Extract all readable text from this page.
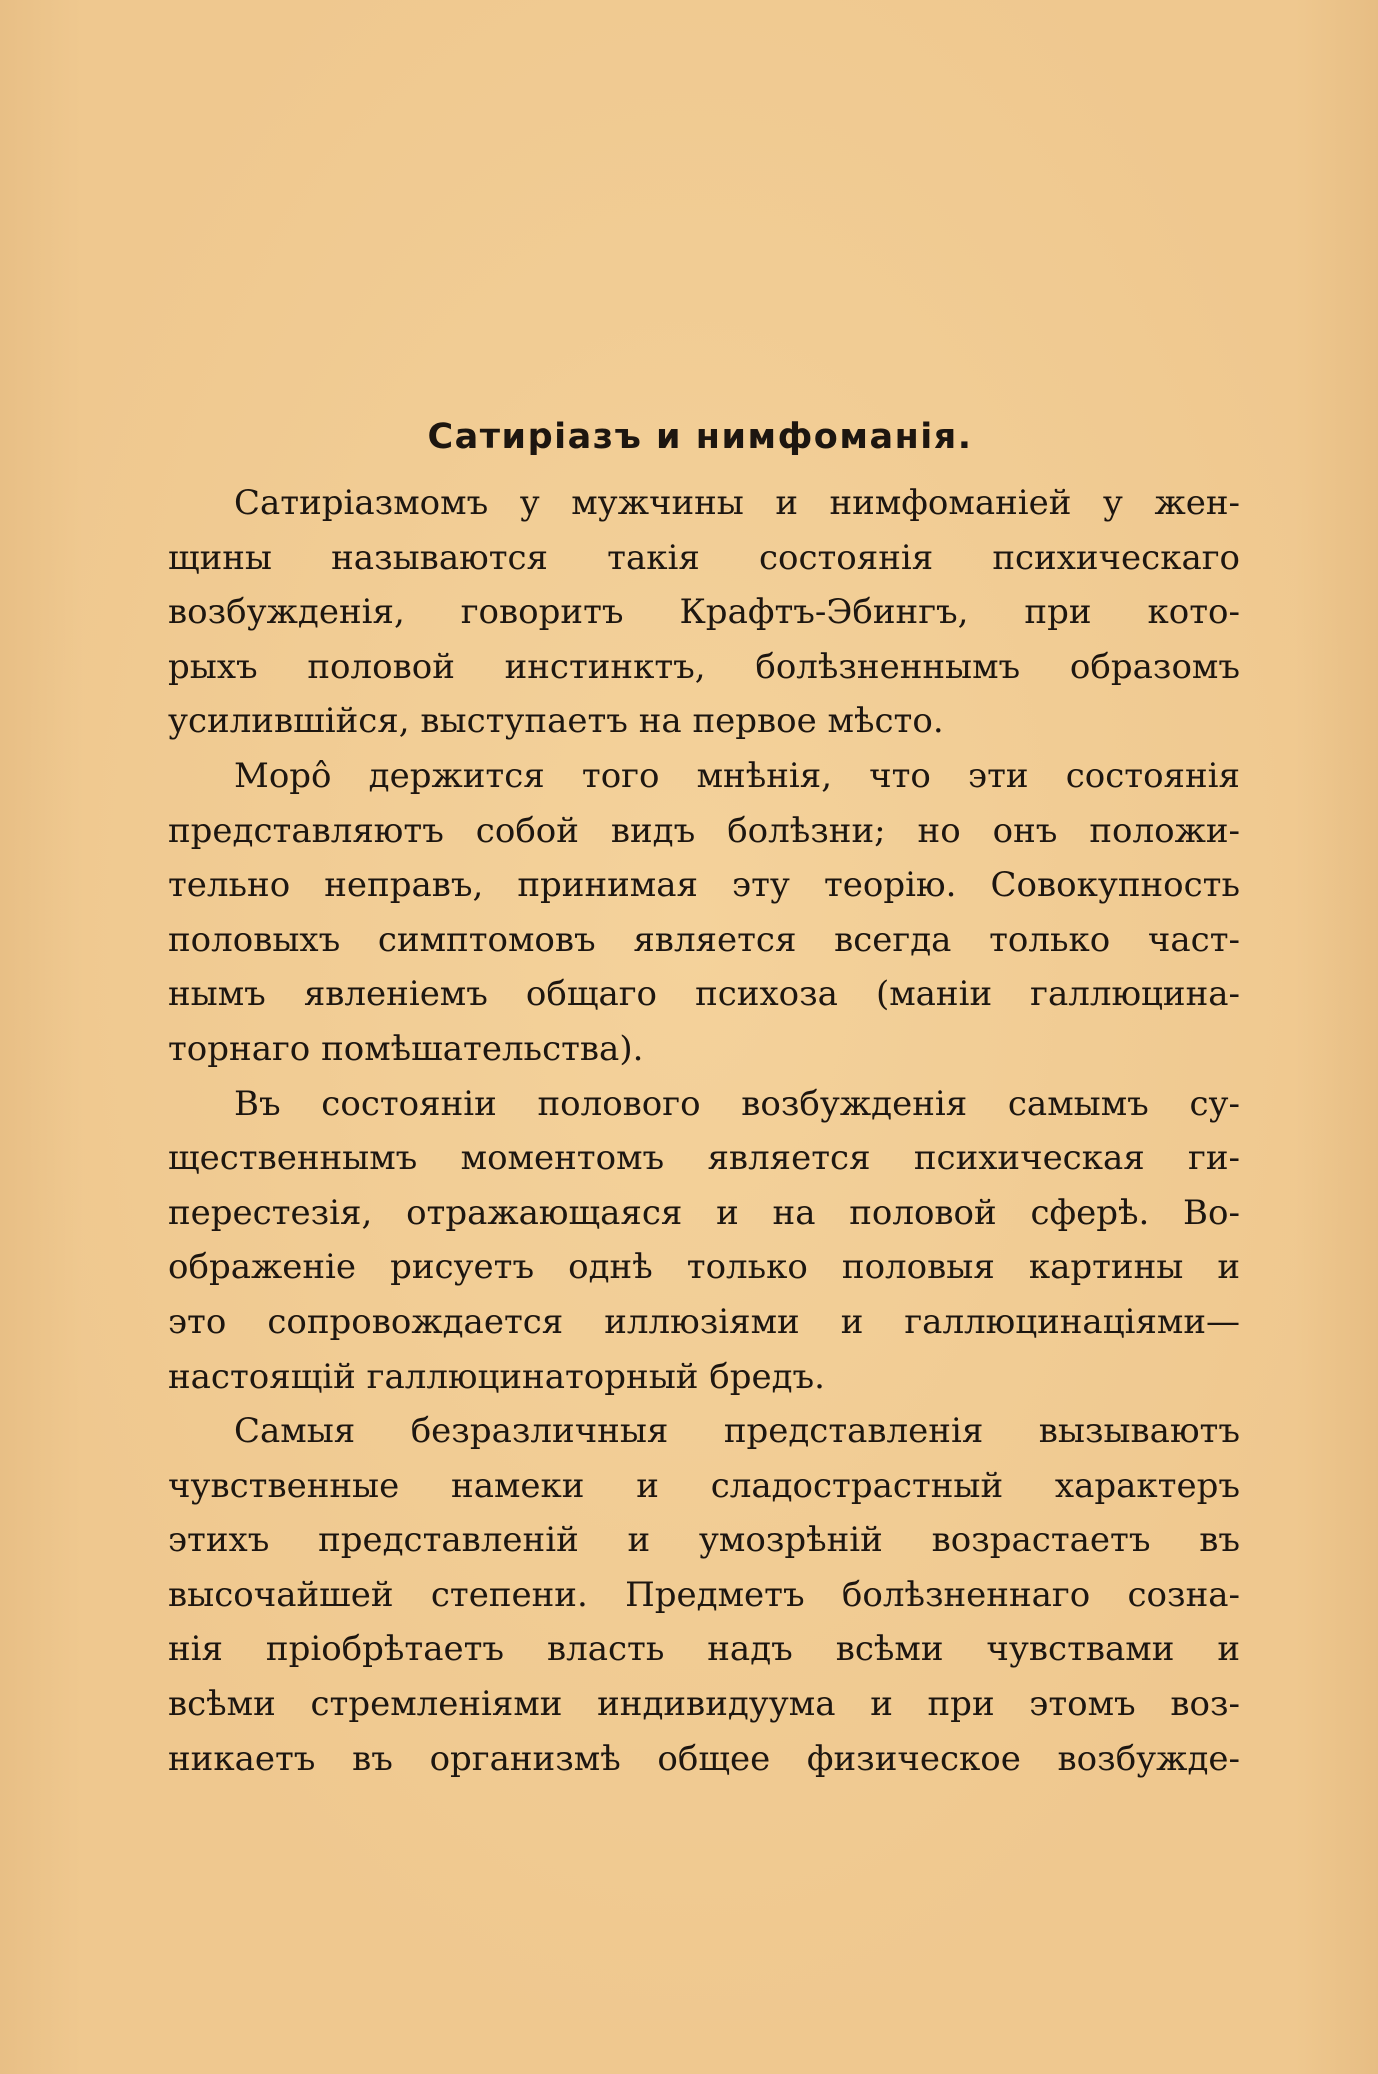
Сатиріазъ и нимфоманія.
Сатиріазмомъ у мужчины и нимфоманіей у жен-
щины называются такія состоянія психическаго
возбужденія, говоритъ Крафтъ-Эбингъ, при кото-
рыхъ половой инстинктъ, болѣзненнымъ образомъ
усилившійся, выступаетъ на первое мѣсто.
Морô держится того мнѣнія, что эти состоянія
представляютъ собой видъ болѣзни; но онъ положи-
тельно неправъ, принимая эту теорію. Совокупность
половыхъ симптомовъ является всегда только част-
нымъ явленіемъ общаго психоза (маніи галлюцина-
торнаго помѣшательства).
Въ состояніи полового возбужденія самымъ су-
щественнымъ моментомъ является психическая ги-
перестезія, отражающаяся и на половой сферѣ. Во-
ображеніе рисуетъ однѣ только половыя картины и
это сопровождается иллюзіями и галлюцинаціями—
настоящій галлюцинаторный бредъ.
Самыя безразличныя представленія вызываютъ
чувственные намеки и сладострастный характеръ
этихъ представленій и умозрѣній возрастаетъ въ
высочайшей степени. Предметъ болѣзненнаго созна-
нія пріобрѣтаетъ власть надъ всѣми чувствами и
всѣми стремленіями индивидуума и при этомъ воз-
никаетъ въ организмѣ общее физическое возбужде-
